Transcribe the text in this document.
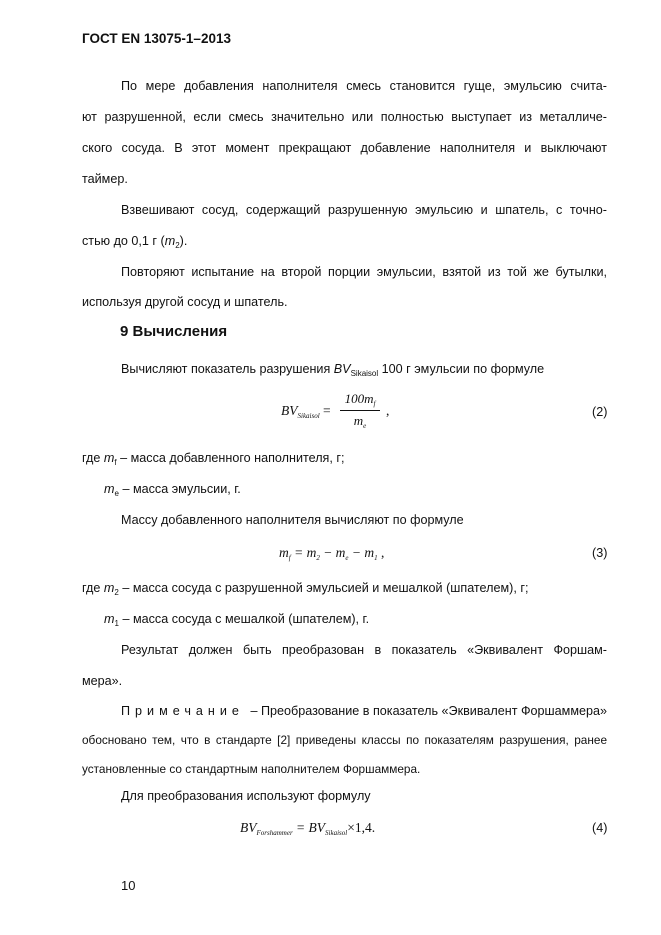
ГОСТ EN 13075-1–2013
По мере добавления наполнителя смесь становится гуще, эмульсию счита-
ют разрушенной, если смесь значительно или полностью выступает из металличе-
ского сосуда. В этот момент прекращают добавление наполнителя и выключают
таймер.
Взвешивают сосуд, содержащий разрушенную эмульсию и шпатель, с точно-
стью до 0,1 г $(m_2)$.
Повторяют испытание на второй порции эмульсии, взятой из той же бутылки,
используя другой сосуд и шпатель.
9 Вычисления
Вычисляют показатель разрушения $BV_{Sikaisol}$ 100 г эмульсии по формуле
$BV_{Sikaisol}$ =
$100m_f$
$m_e$
,	(2)
где $m_f$ – масса добавленного наполнителя, г;
$m_e$ – масса эмульсии, г.
Массу добавленного наполнителя вычисляют по формуле
$m_f = m_2 - m_e - m_1$ ,	(3)
где $m_2$ – масса сосуда с разрушенной эмульсией и мешалкой (шпателем), г;
$m_1$ – масса сосуда с мешалкой (шпателем), г.
Результат должен быть преобразован в показатель «Эквивалент Форшам-
мера».
Примечание – Преобразование в показатель «Эквивалент Форшаммера»
обосновано тем, что в стандарте [2] приведены классы по показателям разрушения, ранее
установленные со стандартным наполнителем Форшаммера.
Для преобразования используют формулу
$BV_{Forshammer} = BV_{Sikaisol}\times 1,4$.	(4)
10
